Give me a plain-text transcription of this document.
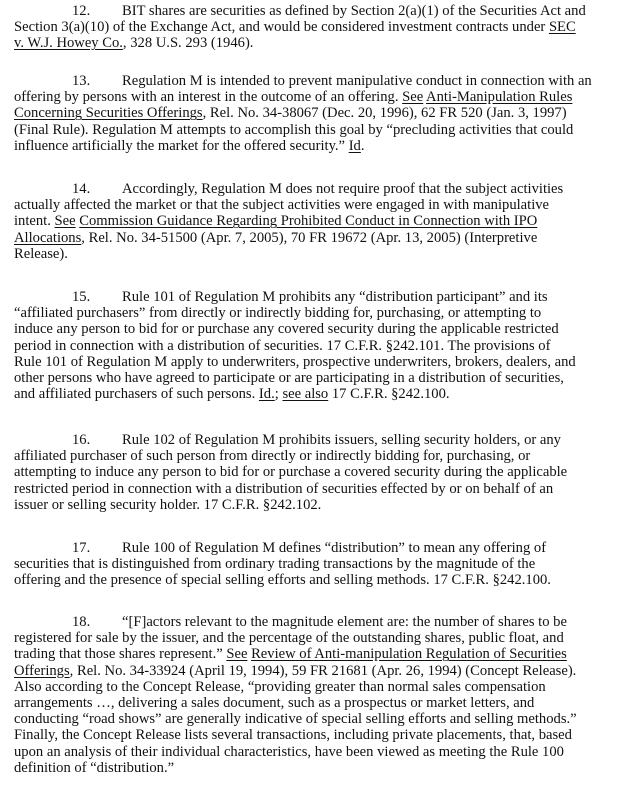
12. BIT shares are securities as defined by Section 2(a)(1) of the Securities Act and
Section 3(a)(10) of the Exchange Act, and would be considered investment contracts under SEC
v. W.J. Howey Co., 328 U.S. 293 (1946).
13. Regulation M is intended to prevent manipulative conduct in connection with an
offering by persons with an interest in the outcome of an offering. See Anti-Manipulation Rules
Concerning Securities Offerings, Rel. No. 34-38067 (Dec. 20, 1996), 62 FR 520 (Jan. 3, 1997)
(Final Rule). Regulation M attempts to accomplish this goal by “precluding activities that could
influence artificially the market for the offered security.” Id.
14. Accordingly, Regulation M does not require proof that the subject activities
actually affected the market or that the subject activities were engaged in with manipulative
intent. See Commission Guidance Regarding Prohibited Conduct in Connection with IPO
Allocations, Rel. No. 34-51500 (Apr. 7, 2005), 70 FR 19672 (Apr. 13, 2005) (Interpretive
Release).
15. Rule 101 of Regulation M prohibits any “distribution participant” and its
“affiliated purchasers” from directly or indirectly bidding for, purchasing, or attempting to
induce any person to bid for or purchase any covered security during the applicable restricted
period in connection with a distribution of securities. 17 C.F.R. §242.101. The provisions of
Rule 101 of Regulation M apply to underwriters, prospective underwriters, brokers, dealers, and
other persons who have agreed to participate or are participating in a distribution of securities,
and affiliated purchasers of such persons. Id.; see also 17 C.F.R. §242.100.
16. Rule 102 of Regulation M prohibits issuers, selling security holders, or any
affiliated purchaser of such person from directly or indirectly bidding for, purchasing, or
attempting to induce any person to bid for or purchase a covered security during the applicable
restricted period in connection with a distribution of securities effected by or on behalf of an
issuer or selling security holder. 17 C.F.R. §242.102.
17. Rule 100 of Regulation M defines “distribution” to mean any offering of
securities that is distinguished from ordinary trading transactions by the magnitude of the
offering and the presence of special selling efforts and selling methods. 17 C.F.R. §242.100.
18. “[F]actors relevant to the magnitude element are: the number of shares to be
registered for sale by the issuer, and the percentage of the outstanding shares, public float, and
trading that those shares represent.” See Review of Anti-manipulation Regulation of Securities
Offerings, Rel. No. 34-33924 (April 19, 1994), 59 FR 21681 (Apr. 26, 1994) (Concept Release).
Also according to the Concept Release, “providing greater than normal sales compensation
arrangements …, delivering a sales document, such as a prospectus or market letters, and
conducting “road shows” are generally indicative of special selling efforts and selling methods.”
Finally, the Concept Release lists several transactions, including private placements, that, based
upon an analysis of their individual characteristics, have been viewed as meeting the Rule 100
definition of “distribution.”
